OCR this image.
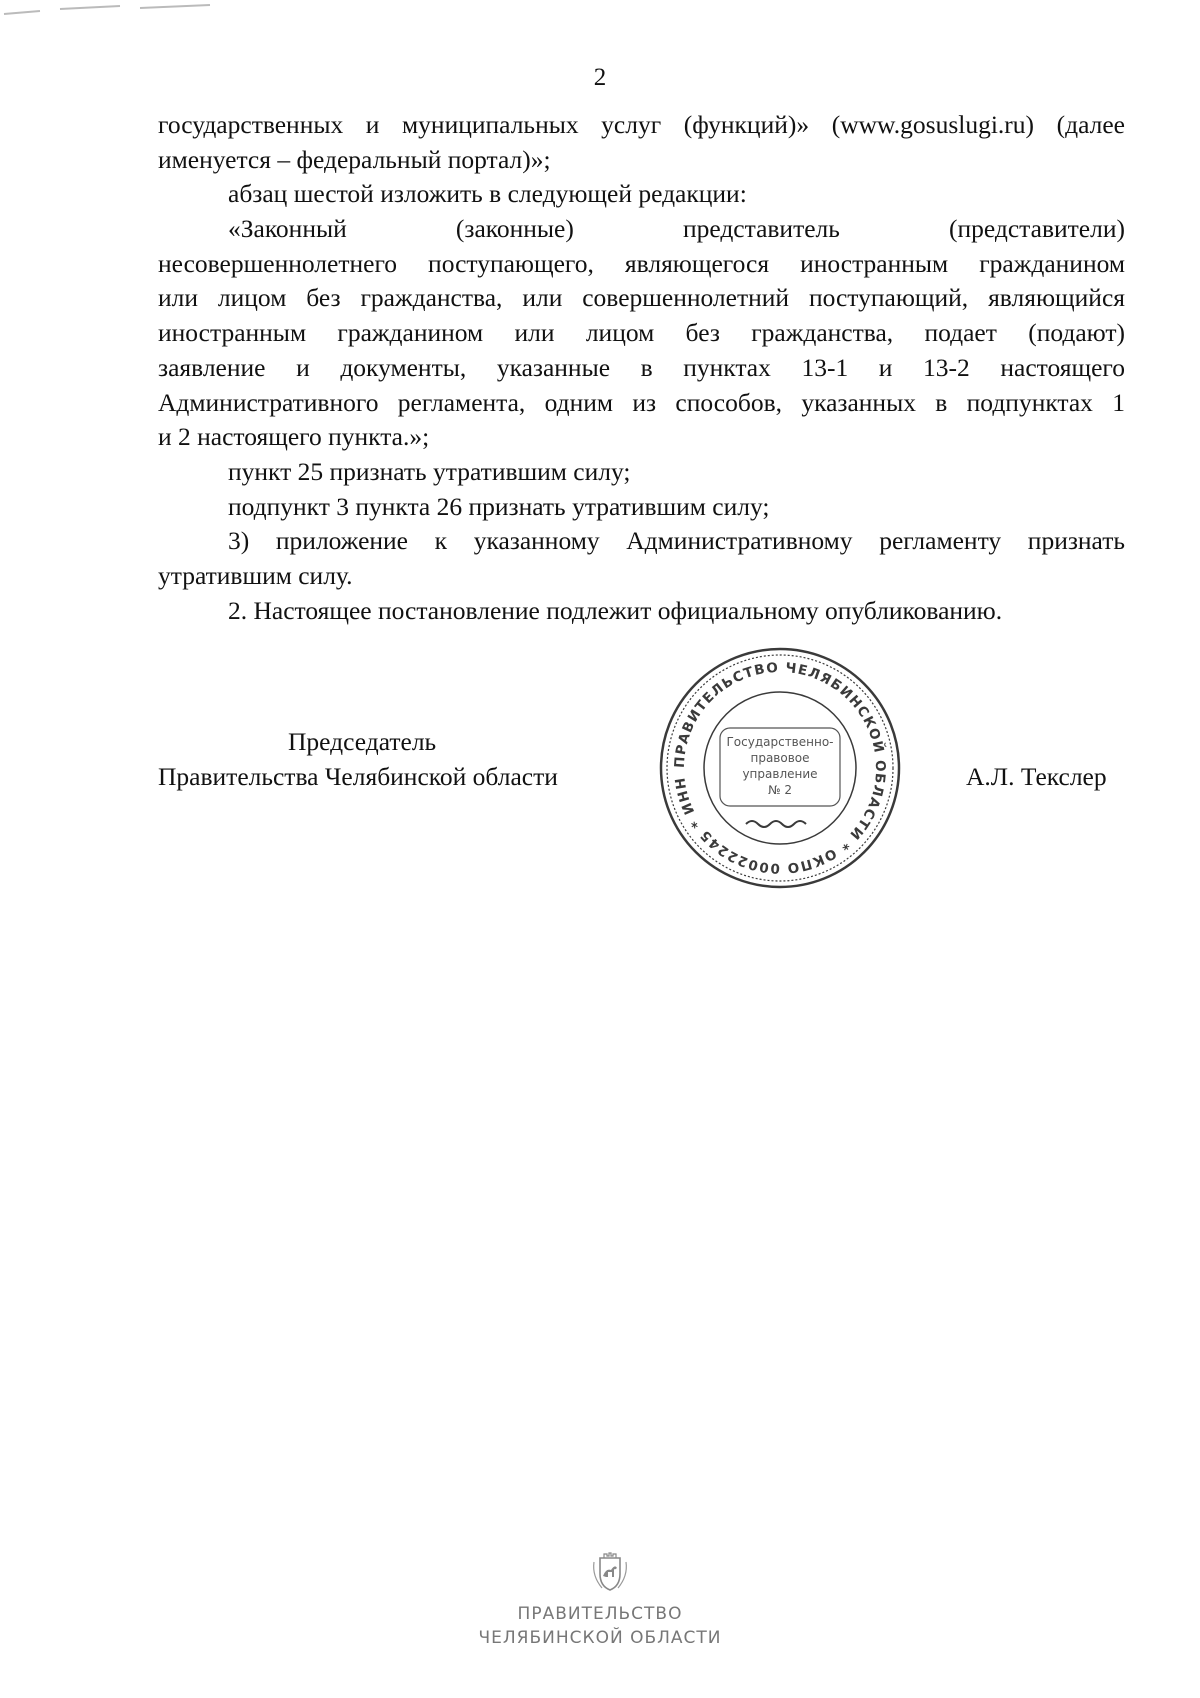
2

государственных и муниципальных услуг (функций)» (www.gosuslugi.ru) (далее

именуется – федеральный портал)»;

абзац шестой изложить в следующей редакции:

«Законный	(законные)	представитель	(представители)

несовершеннолетнего поступающего, являющегося иностранным гражданином

или лицом без гражданства, или совершеннолетний поступающий, являющийся

иностранным гражданином или лицом без гражданства, подает (подают)

заявление и документы, указанные в пунктах 13-1 и 13-2 настоящего

Административного регламента, одним из способов, указанных в подпунктах 1

и 2 настоящего пункта.»;

пункт 25 признать утратившим силу;

подпункт 3 пункта 26 признать утратившим силу;

3) приложение к указанному Административному регламенту признать

утратившим силу.

2. Настоящее постановление подлежит официальному опубликованию.

Председатель
Правительства Челябинской области	А.Л. Текслер
ПРАВИТЕЛЬСТВО ЧЕЛЯБИНСКОЙ ОБЛАСТИ * ОКПО 00022245 * ИНН
Государственно-
правовое
управление
№ 2
ПРАВИТЕЛЬСТВО
ЧЕЛЯБИНСКОЙ ОБЛАСТИ
